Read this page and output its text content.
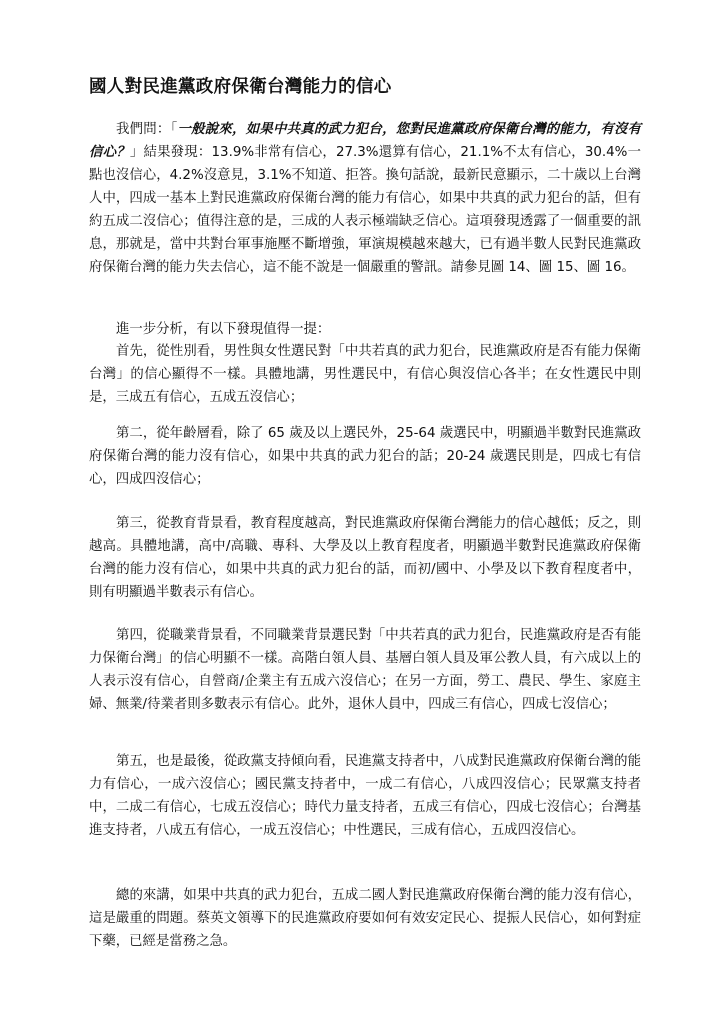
國人對民進黨政府保衛台灣能力的信心

我們問：「一般說來，如果中共真的武力犯台，您對民進黨政府保衛台灣的能力，有沒有信心？」結果發現：13.9%非常有信心，27.3%還算有信心，21.1%不太有信心，30.4%一點也沒信心，4.2%沒意見，3.1%不知道、拒答。換句話說，最新民意顯示，二十歲以上台灣人中，四成一基本上對民進黨政府保衛台灣的能力有信心，如果中共真的武力犯台的話，但有約五成二沒信心；值得注意的是，三成的人表示極端缺乏信心。這項發現透露了一個重要的訊息，那就是，當中共對台軍事施壓不斷增強，軍演規模越來越大，已有過半數人民對民進黨政府保衛台灣的能力失去信心，這不能不說是一個嚴重的警訊。請參見圖 14、圖 15、圖 16。

進一步分析，有以下發現值得一提：

首先，從性別看，男性與女性選民對「中共若真的武力犯台，民進黨政府是否有能力保衛台灣」的信心顯得不一樣。具體地講，男性選民中，有信心與沒信心各半；在女性選民中則是，三成五有信心，五成五沒信心；

第二，從年齡層看，除了 65 歲及以上選民外，25-64 歲選民中，明顯過半數對民進黨政府保衛台灣的能力沒有信心，如果中共真的武力犯台的話；20-24 歲選民則是，四成七有信心，四成四沒信心；

第三，從教育背景看，教育程度越高，對民進黨政府保衛台灣能力的信心越低；反之，則越高。具體地講，高中/高職、專科、大學及以上教育程度者，明顯過半數對民進黨政府保衛台灣的能力沒有信心，如果中共真的武力犯台的話，而初/國中、小學及以下教育程度者中，則有明顯過半數表示有信心。

第四，從職業背景看，不同職業背景選民對「中共若真的武力犯台，民進黨政府是否有能力保衛台灣」的信心明顯不一樣。高階白領人員、基層白領人員及軍公教人員，有六成以上的人表示沒有信心，自營商/企業主有五成六沒信心；在另一方面，勞工、農民、學生、家庭主婦、無業/待業者則多數表示有信心。此外，退休人員中，四成三有信心，四成七沒信心；

第五，也是最後，從政黨支持傾向看，民進黨支持者中，八成對民進黨政府保衛台灣的能力有信心，一成六沒信心；國民黨支持者中，一成二有信心，八成四沒信心；民眾黨支持者中，二成二有信心，七成五沒信心；時代力量支持者，五成三有信心，四成七沒信心；台灣基進支持者，八成五有信心，一成五沒信心；中性選民，三成有信心，五成四沒信心。

總的來講，如果中共真的武力犯台，五成二國人對民進黨政府保衛台灣的能力沒有信心，這是嚴重的問題。蔡英文領導下的民進黨政府要如何有效安定民心、提振人民信心，如何對症下藥，已經是當務之急。
